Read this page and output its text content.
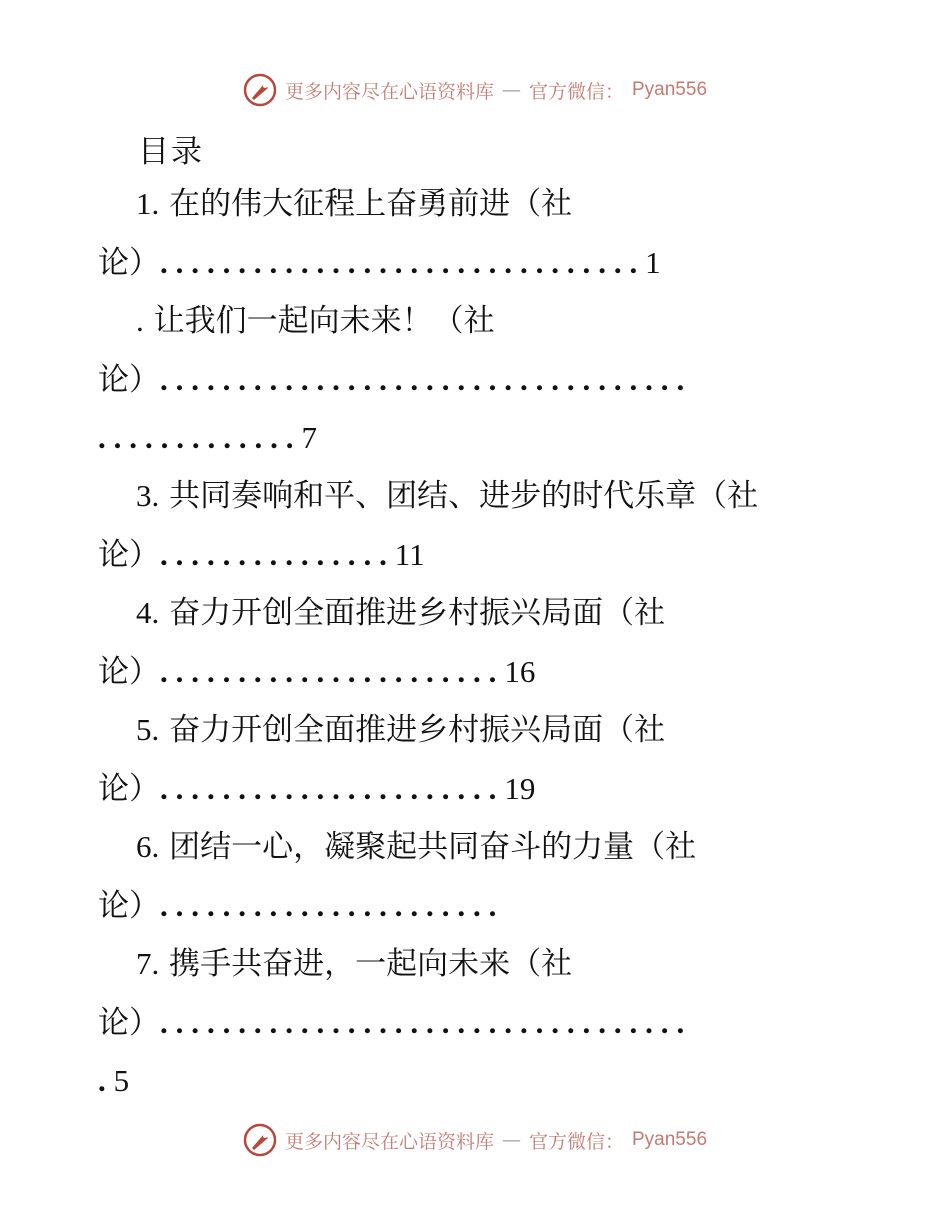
更多内容尽在心语资料库 — 官方微信： Pyan556
目录
1. 在的伟大征程上奋勇前进（社
论）...............................1
. 让我们一起向未来！（社
论）..................................
.............7
3. 共同奏响和平、团结、进步的时代乐章（社
论）...............11
4. 奋力开创全面推进乡村振兴局面（社
论）......................16
5. 奋力开创全面推进乡村振兴局面（社
论）......................19
6. 团结一心，凝聚起共同奋斗的力量（社
论）......................
7. 携手共奋进，一起向未来（社
论）..................................
.5
更多内容尽在心语资料库 — 官方微信： Pyan556
